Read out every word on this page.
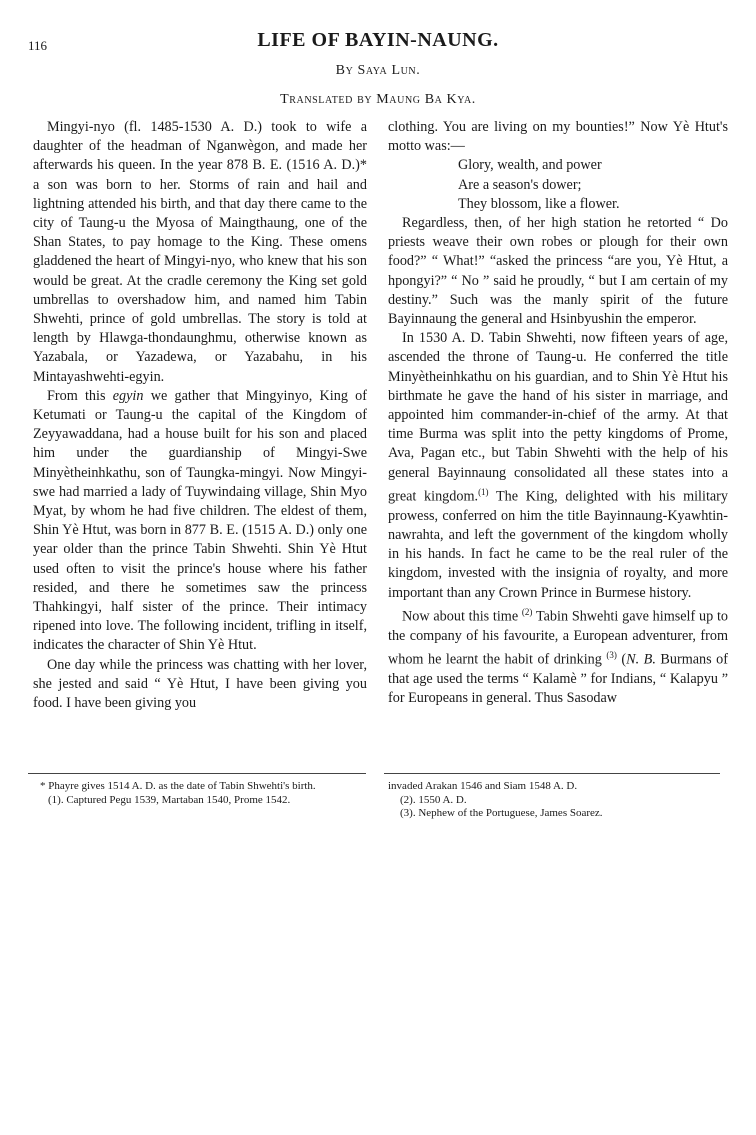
116	LIFE OF BAYIN-NAUNG.
By Saya Lun.
Translated by Maung Ba Kya.

Mingyi-nyo (fl. 1485-1530 A. D.) took to wife a daughter of the headman of Nganwègon, and made her afterwards his queen. In the year 878 B. E. (1516 A. D.)* a son was born to her. Storms of rain and hail and lightning attended his birth, and that day there came to the city of Taung-u the Myosa of Maingthaung, one of the Shan States, to pay homage to the King. These omens gladdened the heart of Mingyi-nyo, who knew that his son would be great. At the cradle ceremony the King set gold umbrellas to overshadow him, and named him Tabin Shwehti, prince of gold umbrellas. The story is told at length by Hlawga-thondaunghmu, otherwise known as Yazabala, or Yazadewa, or Yazabahu, in his Mintayashwehti-egyin.

From this egyin we gather that Mingyinyo, King of Ketumati or Taung-u the capital of the Kingdom of Zeyyawaddana, had a house built for his son and placed him under the guardianship of Mingyi-Swe Minyètheinhkathu, son of Taungka-mingyi. Now Mingyi-swe had married a lady of Tuywindaing village, Shin Myo Myat, by whom he had five children. The eldest of them, Shin Yè Htut, was born in 877 B. E. (1515 A. D.) only one year older than the prince Tabin Shwehti. Shin Yè Htut used often to visit the prince's house where his father resided, and there he sometimes saw the princess Thahkingyi, half sister of the prince. Their intimacy ripened into love. The following incident, trifling in itself, indicates the character of Shin Yè Htut.

One day while the princess was chatting with her lover, she jested and said “ Yè Htut, I have been giving you food. I have been giving you

clothing. You are living on my bounties!” Now Yè Htut's motto was:—

Glory, wealth, and power
Are a season's dower;
They blossom, like a flower.

Regardless, then, of her high station he retorted “ Do priests weave their own robes or plough for their own food?” “ What!” “asked the princess “are you, Yè Htut, a hpongyi?” “ No ” said he proudly, “ but I am certain of my destiny.” Such was the manly spirit of the future Bayinnaung the general and Hsinbyushin the emperor.

In 1530 A. D. Tabin Shwehti, now fifteen years of age, ascended the throne of Taung-u. He conferred the title Minyètheinhkathu on his guardian, and to Shin Yè Htut his birthmate he gave the hand of his sister in marriage, and appointed him commander-in-chief of the army. At that time Burma was split into the petty kingdoms of Prome, Ava, Pagan etc., but Tabin Shwehti with the help of his general Bayinnaung consolidated all these states into a great kingdom.$^{(1)}$ The King, delighted with his military prowess, conferred on him the title Bayinnaung-Kyawhtin-nawrahta, and left the government of the kingdom wholly in his hands. In fact he came to be the real ruler of the kingdom, invested with the insignia of royalty, and more important than any Crown Prince in Burmese history.

Now about this time $^{(2)}$ Tabin Shwehti gave himself up to the company of his favourite, a European adventurer, from whom he learnt the habit of drinking $^{(3)}$ (N. B. Burmans of that age used the terms “ Kalamè ” for Indians, “ Kalapyu ” for Europeans in general. Thus Sasodaw

* Phayre gives 1514 A. D. as the date of Tabin Shwehti's birth.

(1). Captured Pegu 1539, Martaban 1540, Prome 1542.

invaded Arakan 1546 and Siam 1548 A. D.

(2). 1550 A. D.

(3). Nephew of the Portuguese, James Soarez.
